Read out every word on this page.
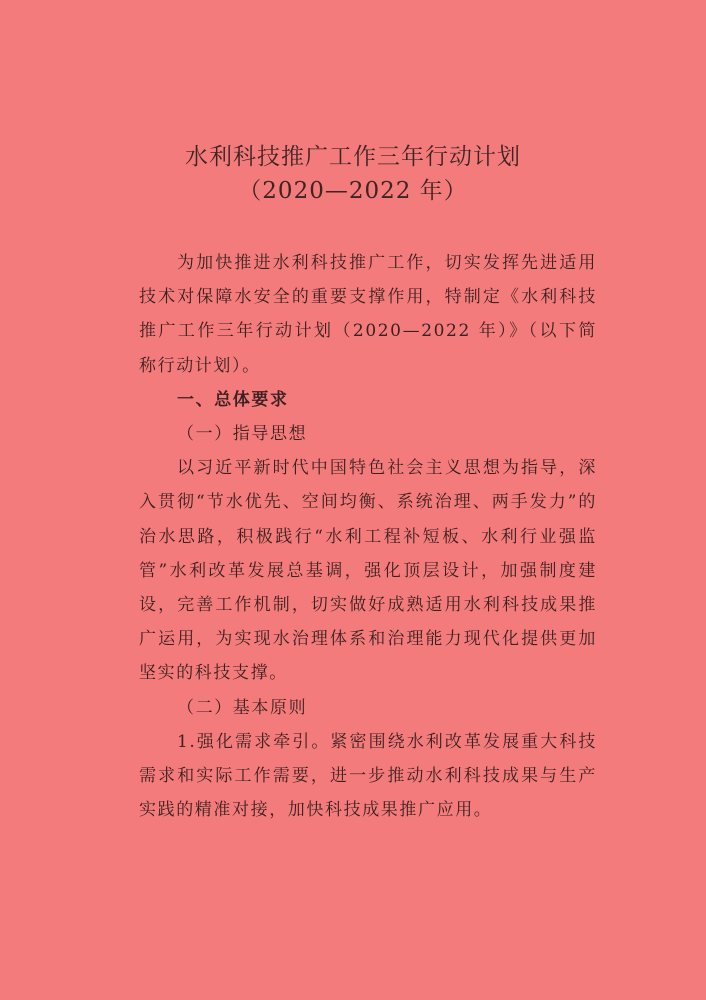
水利科技推广工作三年行动计划
（2020—2022 年）

为加快推进水利科技推广工作，切实发挥先进适用技术对保障水安全的重要支撑作用，特制定《水利科技推广工作三年行动计划（2020—2022 年）》（以下简称行动计划）。

一、总体要求

（一）指导思想

以习近平新时代中国特色社会主义思想为指导，深入贯彻“节水优先、空间均衡、系统治理、两手发力”的治水思路，积极践行“水利工程补短板、水利行业强监管”水利改革发展总基调，强化顶层设计，加强制度建设，完善工作机制，切实做好成熟适用水利科技成果推广运用，为实现水治理体系和治理能力现代化提供更加坚实的科技支撑。

（二）基本原则

1.强化需求牵引。紧密围绕水利改革发展重大科技需求和实际工作需要，进一步推动水利科技成果与生产实践的精准对接，加快科技成果推广应用。
